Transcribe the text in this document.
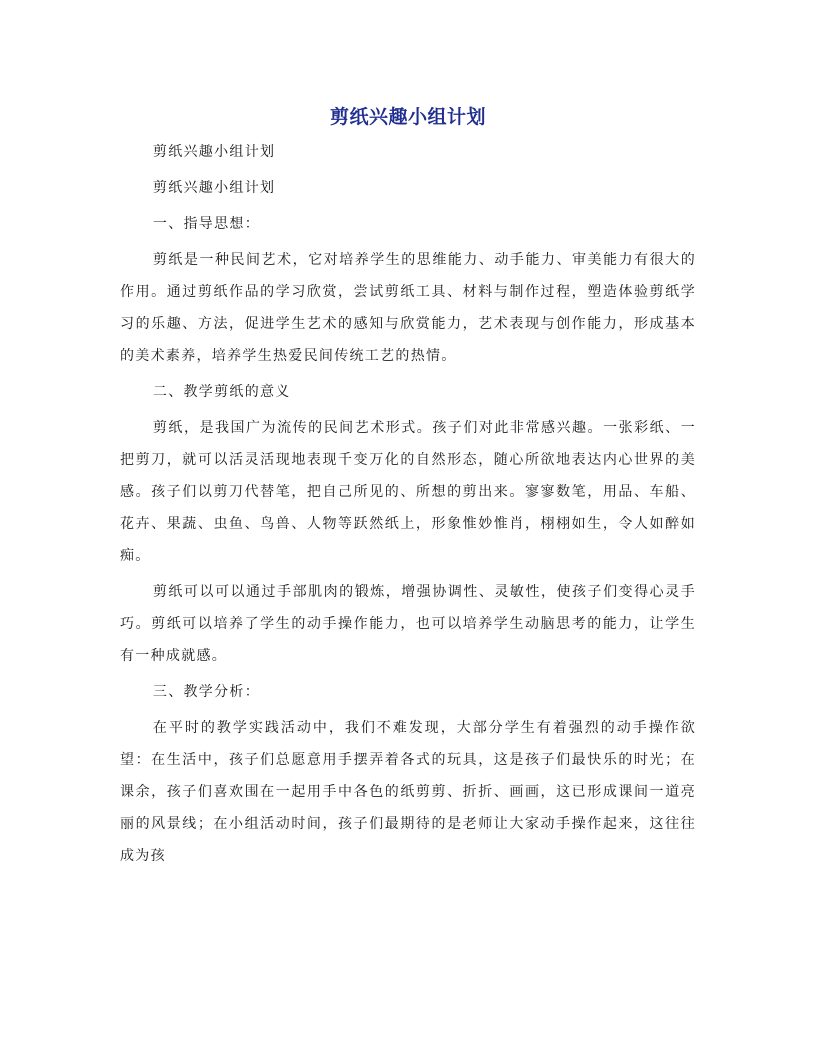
剪纸兴趣小组计划

剪纸兴趣小组计划

剪纸兴趣小组计划

一、指导思想：

剪纸是一种民间艺术，它对培养学生的思维能力、动手能力、审美能力有很大的作用。通过剪纸作品的学习欣赏，尝试剪纸工具、材料与制作过程，塑造体验剪纸学习的乐趣、方法，促进学生艺术的感知与欣赏能力，艺术表现与创作能力，形成基本的美术素养，培养学生热爱民间传统工艺的热情。

二、教学剪纸的意义

剪纸，是我国广为流传的民间艺术形式。孩子们对此非常感兴趣。一张彩纸、一把剪刀，就可以活灵活现地表现千变万化的自然形态，随心所欲地表达内心世界的美感。孩子们以剪刀代替笔，把自己所见的、所想的剪出来。寥寥数笔，用品、车船、花卉、果蔬、虫鱼、鸟兽、人物等跃然纸上，形象惟妙惟肖，栩栩如生，令人如醉如痴。

剪纸可以可以通过手部肌肉的锻炼，增强协调性、灵敏性，使孩子们变得心灵手巧。剪纸可以培养了学生的动手操作能力，也可以培养学生动脑思考的能力，让学生有一种成就感。

三、教学分析：

在平时的教学实践活动中，我们不难发现，大部分学生有着强烈的动手操作欲望：在生活中，孩子们总愿意用手摆弄着各式的玩具，这是孩子们最快乐的时光；在课余，孩子们喜欢围在一起用手中各色的纸剪剪、折折、画画，这已形成课间一道亮丽的风景线；在小组活动时间，孩子们最期待的是老师让大家动手操作起来，这往往成为孩
